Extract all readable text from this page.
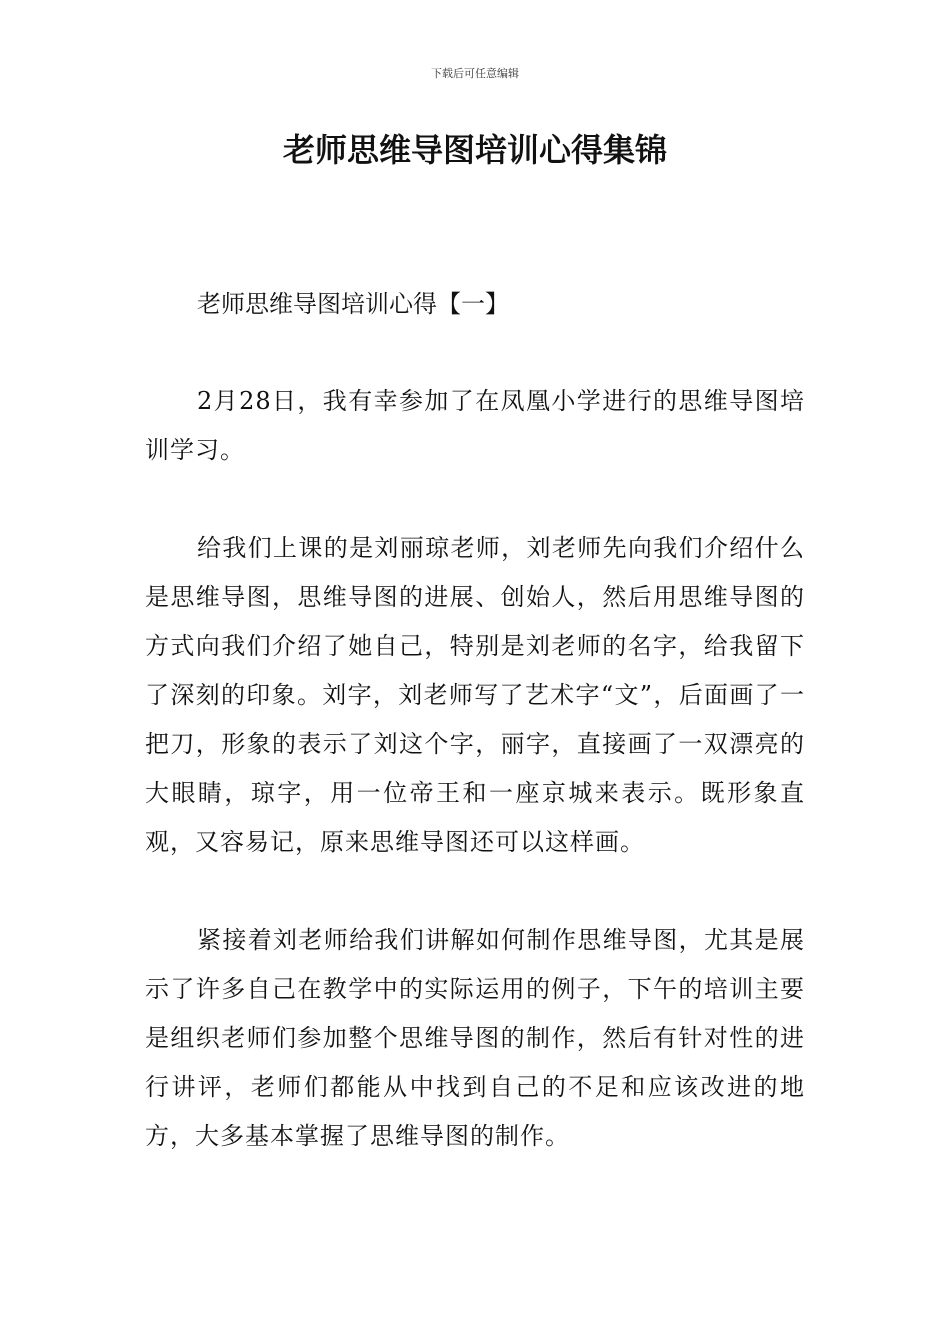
下载后可任意编辑
老师思维导图培训心得集锦
老师思维导图培训心得【一】

2月28日，我有幸参加了在凤凰小学进行的思维导图培训学习。

给我们上课的是刘丽琼老师，刘老师先向我们介绍什么是思维导图，思维导图的进展、创始人，然后用思维导图的方式向我们介绍了她自己，特别是刘老师的名字，给我留下了深刻的印象。刘字，刘老师写了艺术字“文”，后面画了一把刀，形象的表示了刘这个字，丽字，直接画了一双漂亮的大眼睛，琼字，用一位帝王和一座京城来表示。既形象直观，又容易记，原来思维导图还可以这样画。

紧接着刘老师给我们讲解如何制作思维导图，尤其是展示了许多自己在教学中的实际运用的例子，下午的培训主要是组织老师们参加整个思维导图的制作，然后有针对性的进行讲评，老师们都能从中找到自己的不足和应该改进的地方，大多基本掌握了思维导图的制作。
